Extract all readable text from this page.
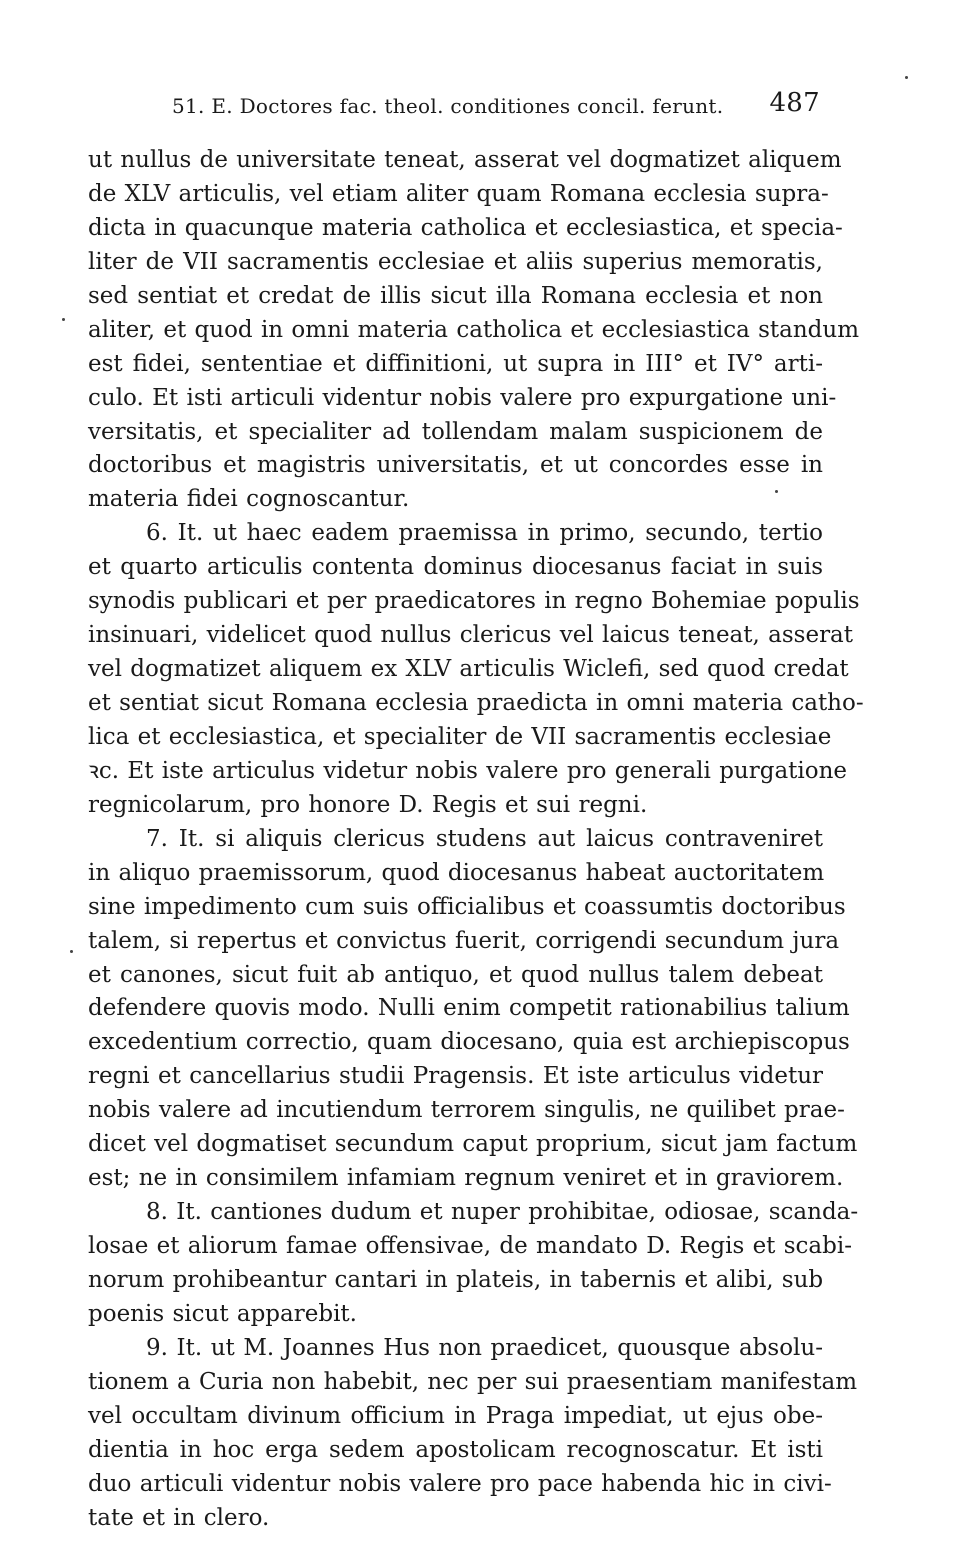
51. E. Doctores fac. theol. conditiones concil. ferunt. 487
ut nullus de universitate teneat, asserat vel dogmatizet aliquem
de XLV articulis, vel etiam aliter quam Romana ecclesia supra-
dicta in quacunque materia catholica et ecclesiastica, et specia-
liter de VII sacramentis ecclesiae et aliis superius memoratis,
sed sentiat et credat de illis sicut illa Romana ecclesia et non
aliter, et quod in omni materia catholica et ecclesiastica standum
est fidei, sententiae et diffinitioni, ut supra in III° et IV° arti-
culo. Et isti articuli videntur nobis valere pro expurgatione uni-
versitatis, et specialiter ad tollendam malam suspicionem de
doctoribus et magistris universitatis, et ut concordes esse in
materia fidei cognoscantur.
6. It. ut haec eadem praemissa in primo, secundo, tertio
et quarto articulis contenta dominus diocesanus faciat in suis
synodis publicari et per praedicatores in regno Bohemiae populis
insinuari, videlicet quod nullus clericus vel laicus teneat, asserat
vel dogmatizet aliquem ex XLV articulis Wiclefi, sed quod credat
et sentiat sicut Romana ecclesia praedicta in omni materia catho-
lica et ecclesiastica, et specialiter de VII sacramentis ecclesiae
ꝛc. Et iste articulus videtur nobis valere pro generali purgatione
regnicolarum, pro honore D. Regis et sui regni.
7. It. si aliquis clericus studens aut laicus contraveniret
in aliquo praemissorum, quod diocesanus habeat auctoritatem
sine impedimento cum suis officialibus et coassumtis doctoribus
talem, si repertus et convictus fuerit, corrigendi secundum jura
et canones, sicut fuit ab antiquo, et quod nullus talem debeat
defendere quovis modo. Nulli enim competit rationabilius talium
excedentium correctio, quam diocesano, quia est archiepiscopus
regni et cancellarius studii Pragensis. Et iste articulus videtur
nobis valere ad incutiendum terrorem singulis, ne quilibet prae-
dicet vel dogmatiset secundum caput proprium, sicut jam factum
est; ne in consimilem infamiam regnum veniret et in graviorem.
8. It. cantiones dudum et nuper prohibitae, odiosae, scanda-
losae et aliorum famae offensivae, de mandato D. Regis et scabi-
norum prohibeantur cantari in plateis, in tabernis et alibi, sub
poenis sicut apparebit.
9. It. ut M. Joannes Hus non praedicet, quousque absolu-
tionem a Curia non habebit, nec per sui praesentiam manifestam
vel occultam divinum officium in Praga impediat, ut ejus obe-
dientia in hoc erga sedem apostolicam recognoscatur. Et isti
duo articuli videntur nobis valere pro pace habenda hic in civi-
tate et in clero.
